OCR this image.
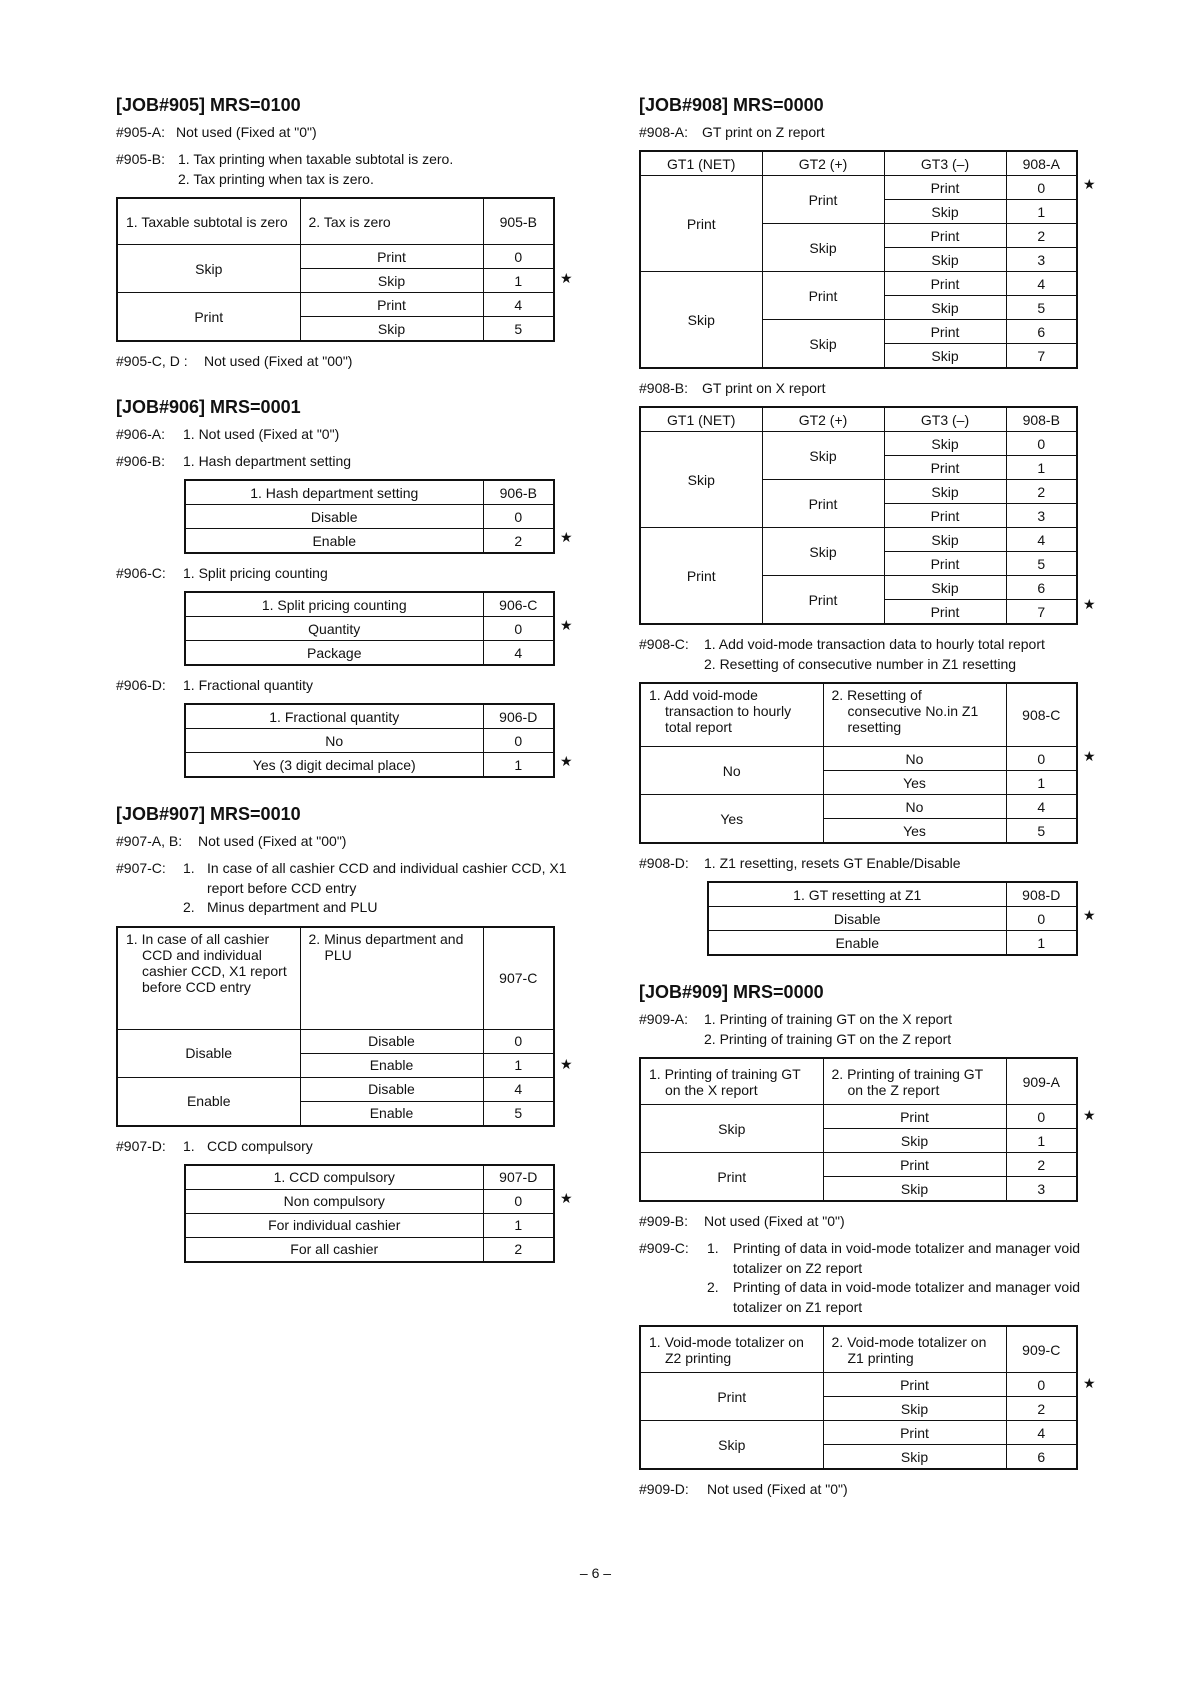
[JOB#905] MRS=0100
#905-A: Not used (Fixed at "0")
#905-B: 1. Tax printing when taxable subtotal is zero.
2. Tax printing when tax is zero.
1. Taxable subtotal is zero	2. Tax is zero	905-B
Skip	Print	0
	Skip	1
Print	Print	4
	Skip	5
★
#905-C, D :	Not used (Fixed at "00")
[JOB#906] MRS=0001
#906-A:	1. Not used (Fixed at "0")
#906-B:	1. Hash department setting
1. Hash department setting	906-B
Disable	0
Enable	2	★
#906-C:	1. Split pricing counting
1. Split pricing counting	906-C
Quantity	0
Package	4
★
#906-D:	1. Fractional quantity
1. Fractional quantity	906-D
No	0
Yes (3 digit decimal place)	1	★
[JOB#907] MRS=0010
#907-A, B:	Not used (Fixed at "00")
#907-C:	1. In case of all cashier CCD and individual cashier CCD, X1 report before CCD entry
2. Minus department and PLU
1. In case of all cashier CCD and individual cashier CCD, X1 report before CCD entry	2. Minus department and PLU	907-C
Disable	Disable	0
	Enable	1
Enable	Disable	4
	Enable	5
★
#907-D:	1. CCD compulsory
1. CCD compulsory	907-D
Non compulsory	0
For individual cashier	1
For all cashier	2
★
[JOB#908] MRS=0000
#908-A: GT print on Z report
GT1 (NET)	GT2 (+)	GT3 (–)	908-A
Print	Print	Print	0
		Skip	1
	Skip	Print	2
		Skip	3
Skip	Print	Print	4
		Skip	5
	Skip	Print	6
		Skip	7
★
#908-B: GT print on X report
GT1 (NET)	GT2 (+)	GT3 (–)	908-B
Skip	Skip	Skip	0
		Print	1
	Print	Skip	2
		Print	3
Print	Skip	Skip	4
		Print	5
	Print	Skip	6
		Print	7	★
#908-C:	1. Add void-mode transaction data to hourly total report
2. Resetting of consecutive number in Z1 resetting
1. Add void-mode transaction to hourly total report	2. Resetting of consecutive No.in Z1 resetting	908-C
No	No	0
	Yes	1
Yes	No	4
	Yes	5
★
#908-D:	1. Z1 resetting, resets GT Enable/Disable
1. GT resetting at Z1	908-D
Disable	0
Enable	1
★
[JOB#909] MRS=0000
#909-A:	1. Printing of training GT on the X report
2. Printing of training GT on the Z report
1. Printing of training GT on the X report	2. Printing of training GT on the Z report	909-A
Skip	Print	0
	Skip	1
Print	Print	2
	Skip	3
★
#909-B:	Not used (Fixed at "0")
#909-C:	1.	Printing of data in void-mode totalizer and manager void totalizer on Z2 report
2.	Printing of data in void-mode totalizer and manager void totalizer on Z1 report
1. Void-mode totalizer on Z2 printing	2. Void-mode totalizer on Z1 printing	909-C
Print	Print	0
	Skip	2
Skip	Print	4
	Skip	6
★
#909-D:	Not used (Fixed at "0")
– 6 –
